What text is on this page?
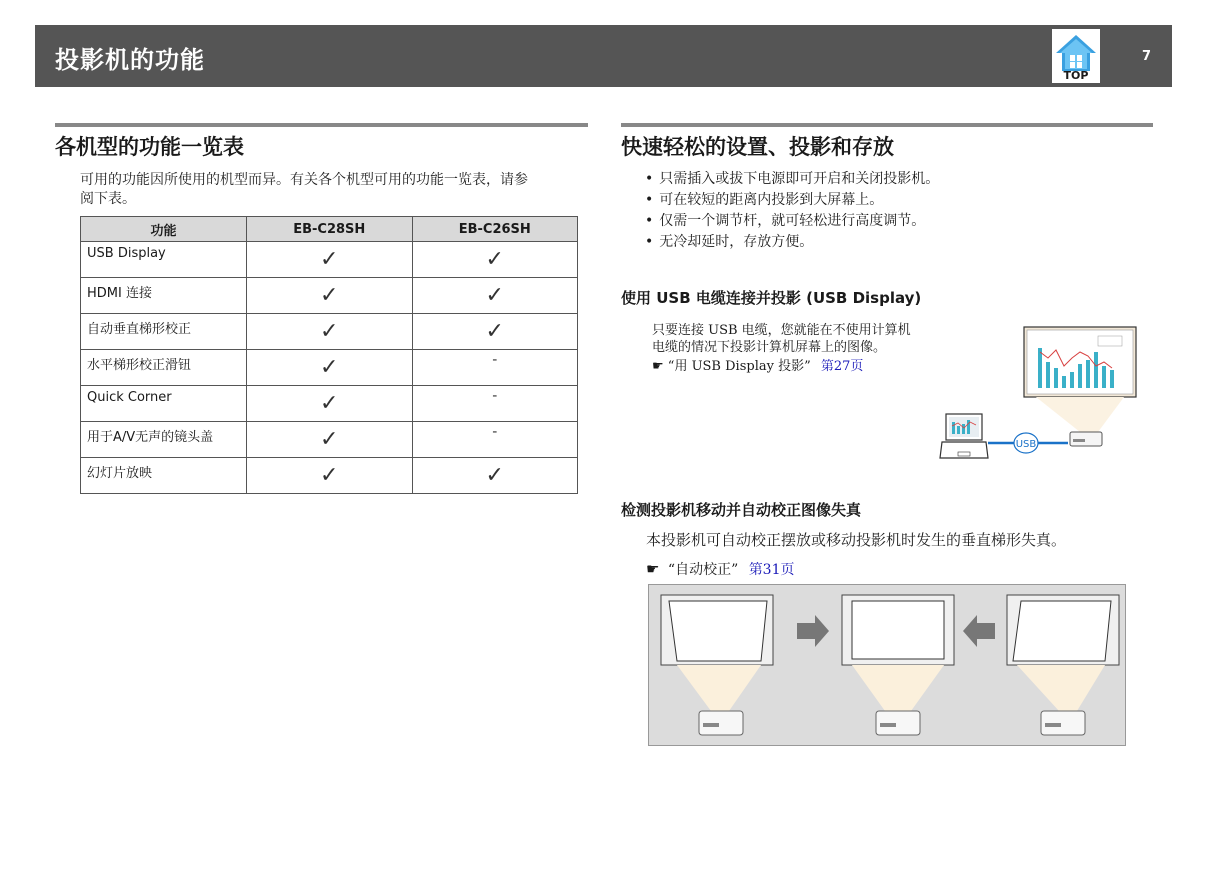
投影机的功能
TOP
7
各机型的功能一览表
可用的功能因所使用的机型而异。有关各个机型可用的功能一览表，请参
阅下表。
功能	EB-C28SH	EB-C26SH
USB Display	✓	✓
HDMI 连接	✓	✓
自动垂直梯形校正	✓	✓
水平梯形校正滑钮	✓	-

Quick Corner	✓	-

用于A/V无声的镜头盖	✓	-

幻灯片放映	✓	✓
快速轻松的设置、投影和存放
• 只需插入或拔下电源即可开启和关闭投影机。
• 可在较短的距离内投影到大屏幕上。
• 仅需一个调节杆，就可轻松进行高度调节。
• 无冷却延时，存放方便。
使用 USB 电缆连接并投影 (USB Display)
只要连接 USB 电缆，您就能在不使用计算机
电缆的情况下投影计算机屏幕上的图像。
☛ “用 USB Display 投影” 第27页
USB
检测投影机移动并自动校正图像失真
本投影机可自动校正摆放或移动投影机时发生的垂直梯形失真。
☛ “自动校正” 第31页
